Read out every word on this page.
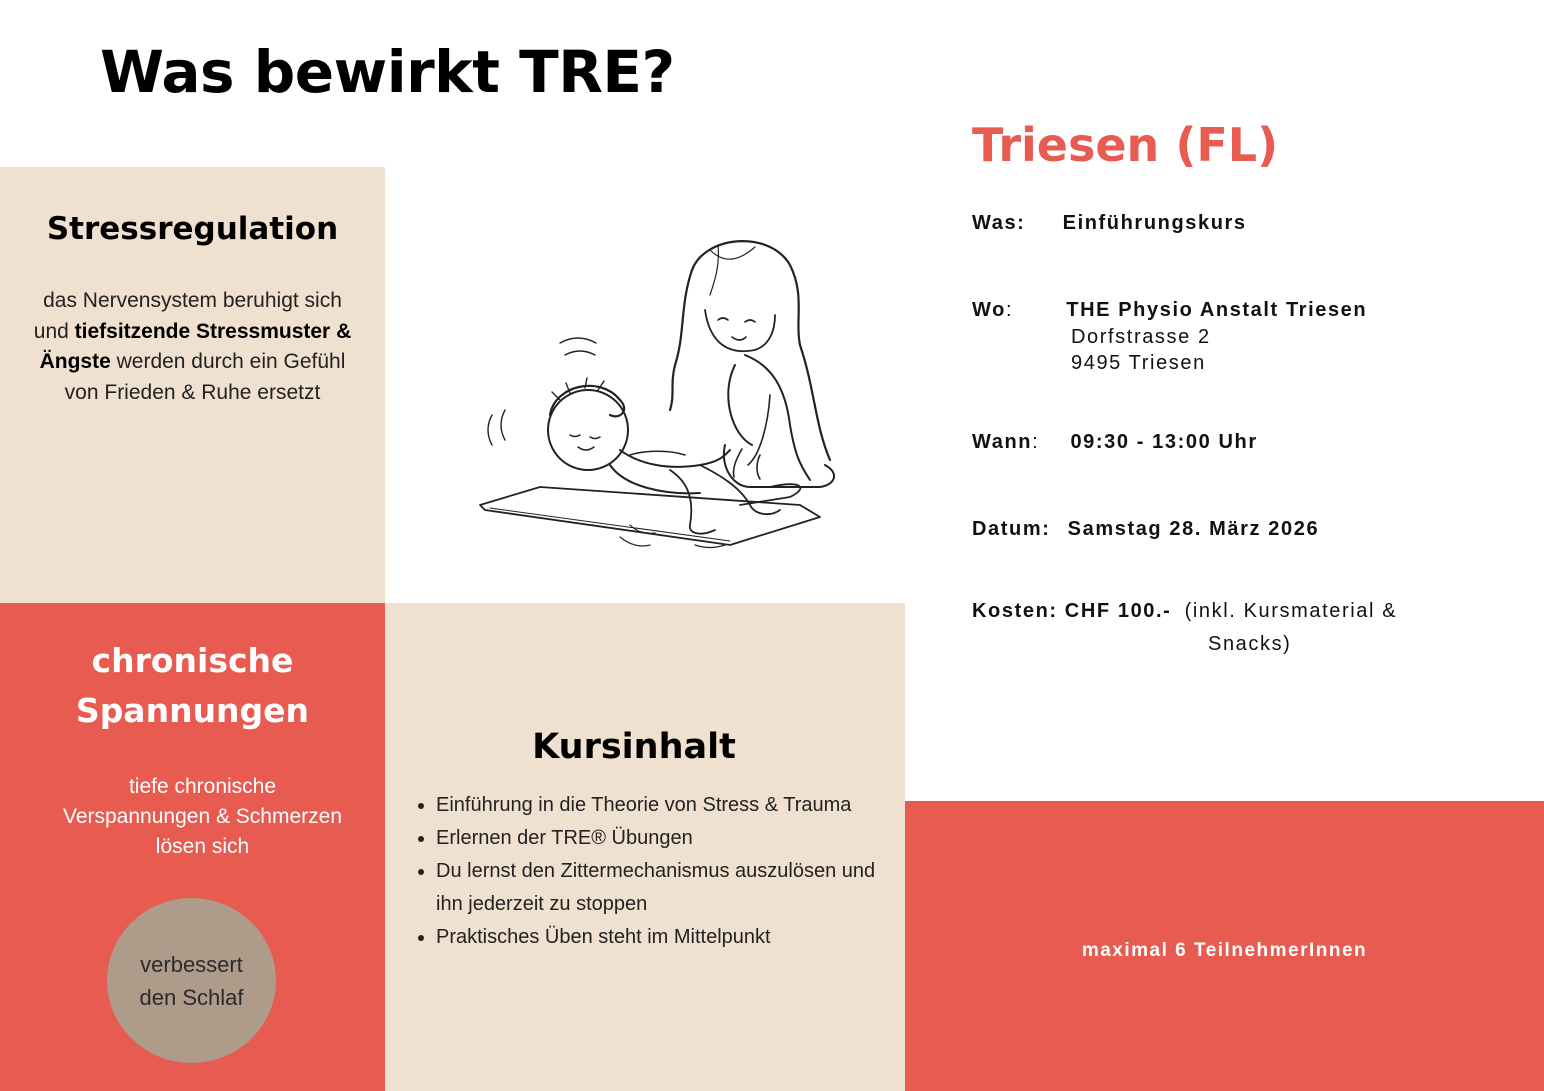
Was bewirkt TRE?
Stressregulation
das Nervensystem beruhigt sich und tiefsitzende Stressmuster &
Ängste werden durch ein Gefühl von Frieden & Ruhe ersetzt
chronische
Spannungen
tiefe chronische Verspannungen & Schmerzen lösen sich
verbessert
den Schlaf
Kursinhalt
• Einführung in die Theorie von Stress & Trauma
• Erlernen der TRE® Übungen
• Du lernst den Zittermechanismus auszulösen und ihn jederzeit zu stoppen
• Praktisches Üben steht im Mittelpunkt
maximal 6 TeilnehmerInnen
Triesen (FL)
Was: Einführungskurs
Wo:	THE Physio Anstalt Triesen
Dorfstrasse 2
9495 Triesen
Wann: 09:30 - 13:00 Uhr
Datum: Samstag 28. März 2026
Kosten: CHF 100.- (inkl. Kursmaterial &
Snacks)
